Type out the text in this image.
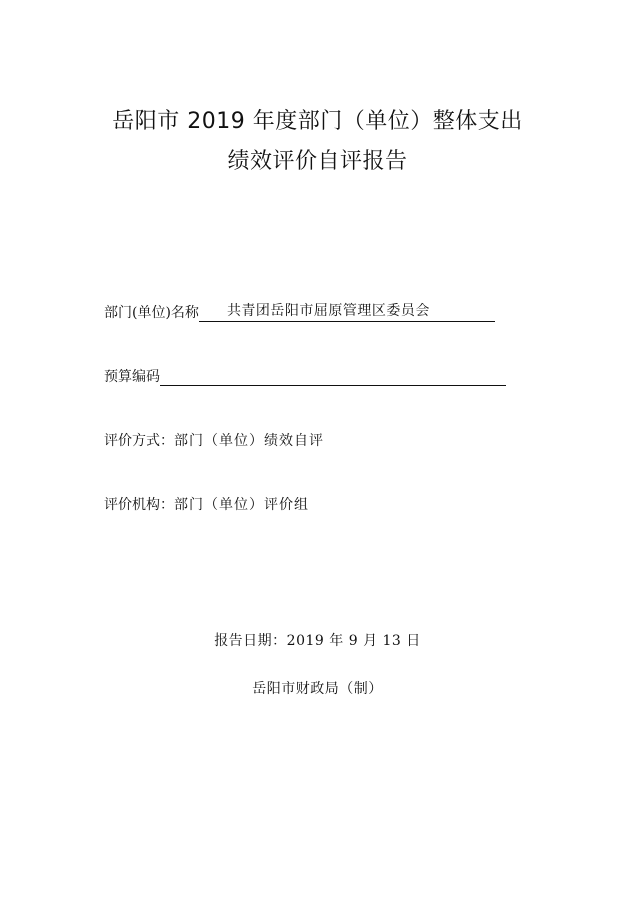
岳阳市 2019 年度部门（单位）整体支出
绩效评价自评报告
部门(单位)名称	共青团岳阳市屈原管理区委员会
预算编码
评价方式： 部门（单位）绩效自评
评价机构： 部门（单位）评价组
报告日期：2019 年 9 月 13 日
岳阳市财政局（制）
